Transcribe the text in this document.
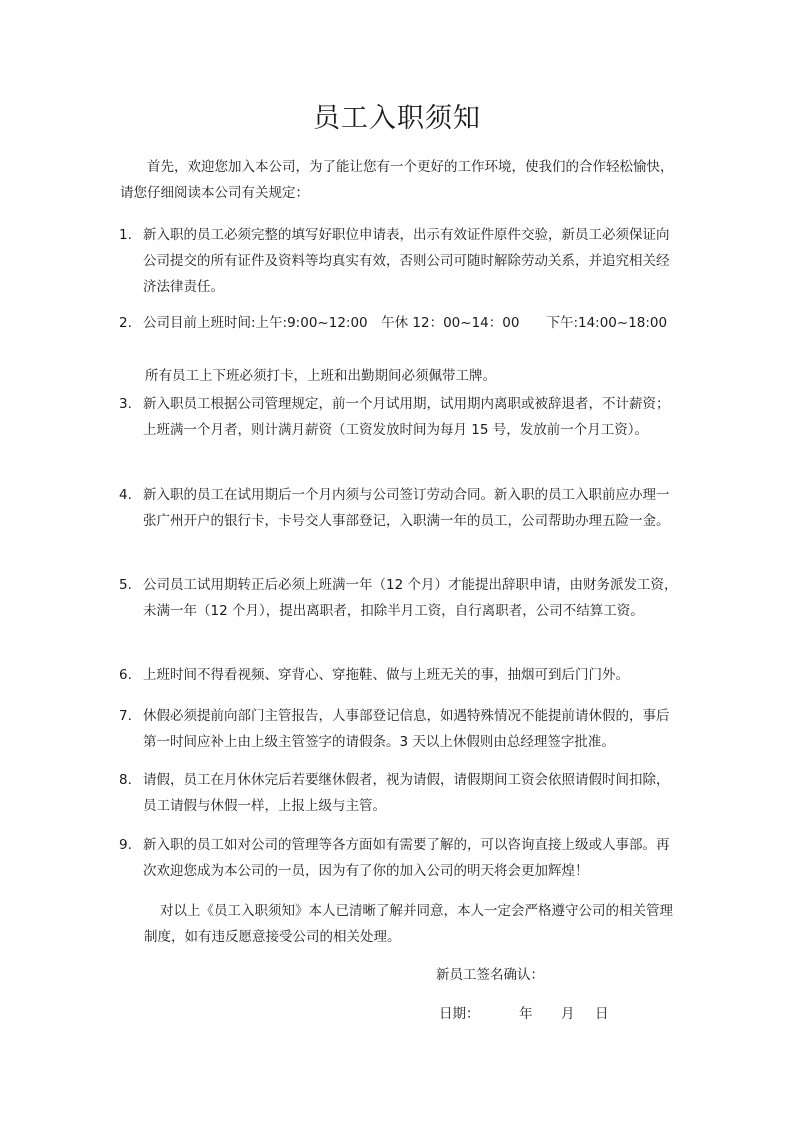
员工入职须知

首先，欢迎您加入本公司，为了能让您有一个更好的工作环境，使我们的合作轻松愉快，请您仔细阅读本公司有关规定：

1. 新入职的员工必须完整的填写好职位申请表，出示有效证件原件交验，新员工必须保证向公司提交的所有证件及资料等均真实有效，否则公司可随时解除劳动关系，并追究相关经济法律责任。
2. 公司目前上班时间:上午:9:00~12:00　午休 12：00~14：00　　下午:14:00~18:00

所有员工上下班必须打卡，上班和出勤期间必须佩带工牌。

3. 新入职员工根据公司管理规定，前一个月试用期，试用期内离职或被辞退者，不计薪资；上班满一个月者，则计满月薪资（工资发放时间为每月 15 号，发放前一个月工资）。
4. 新入职的员工在试用期后一个月内须与公司签订劳动合同。新入职的员工入职前应办理一张广州开户的银行卡，卡号交人事部登记，入职满一年的员工，公司帮助办理五险一金。
5. 公司员工试用期转正后必须上班满一年（12 个月）才能提出辞职申请，由财务派发工资，未满一年（12 个月），提出离职者，扣除半月工资，自行离职者，公司不结算工资。
6. 上班时间不得看视频、穿背心、穿拖鞋、做与上班无关的事，抽烟可到后门门外。
7. 休假必须提前向部门主管报告，人事部登记信息，如遇特殊情况不能提前请休假的，事后第一时间应补上由上级主管签字的请假条。3 天以上休假则由总经理签字批准。
8. 请假，员工在月休休完后若要继休假者，视为请假，请假期间工资会依照请假时间扣除，员工请假与休假一样，上报上级与主管。
9. 新入职的员工如对公司的管理等各方面如有需要了解的，可以咨询直接上级或人事部。再次欢迎您成为本公司的一员，因为有了你的加入公司的明天将会更加辉煌！

对以上《员工入职须知》本人已清晰了解并同意，本人一定会严格遵守公司的相关管理制度，如有违反愿意接受公司的相关处理。

新员工签名确认：
日期：	年 月 日
